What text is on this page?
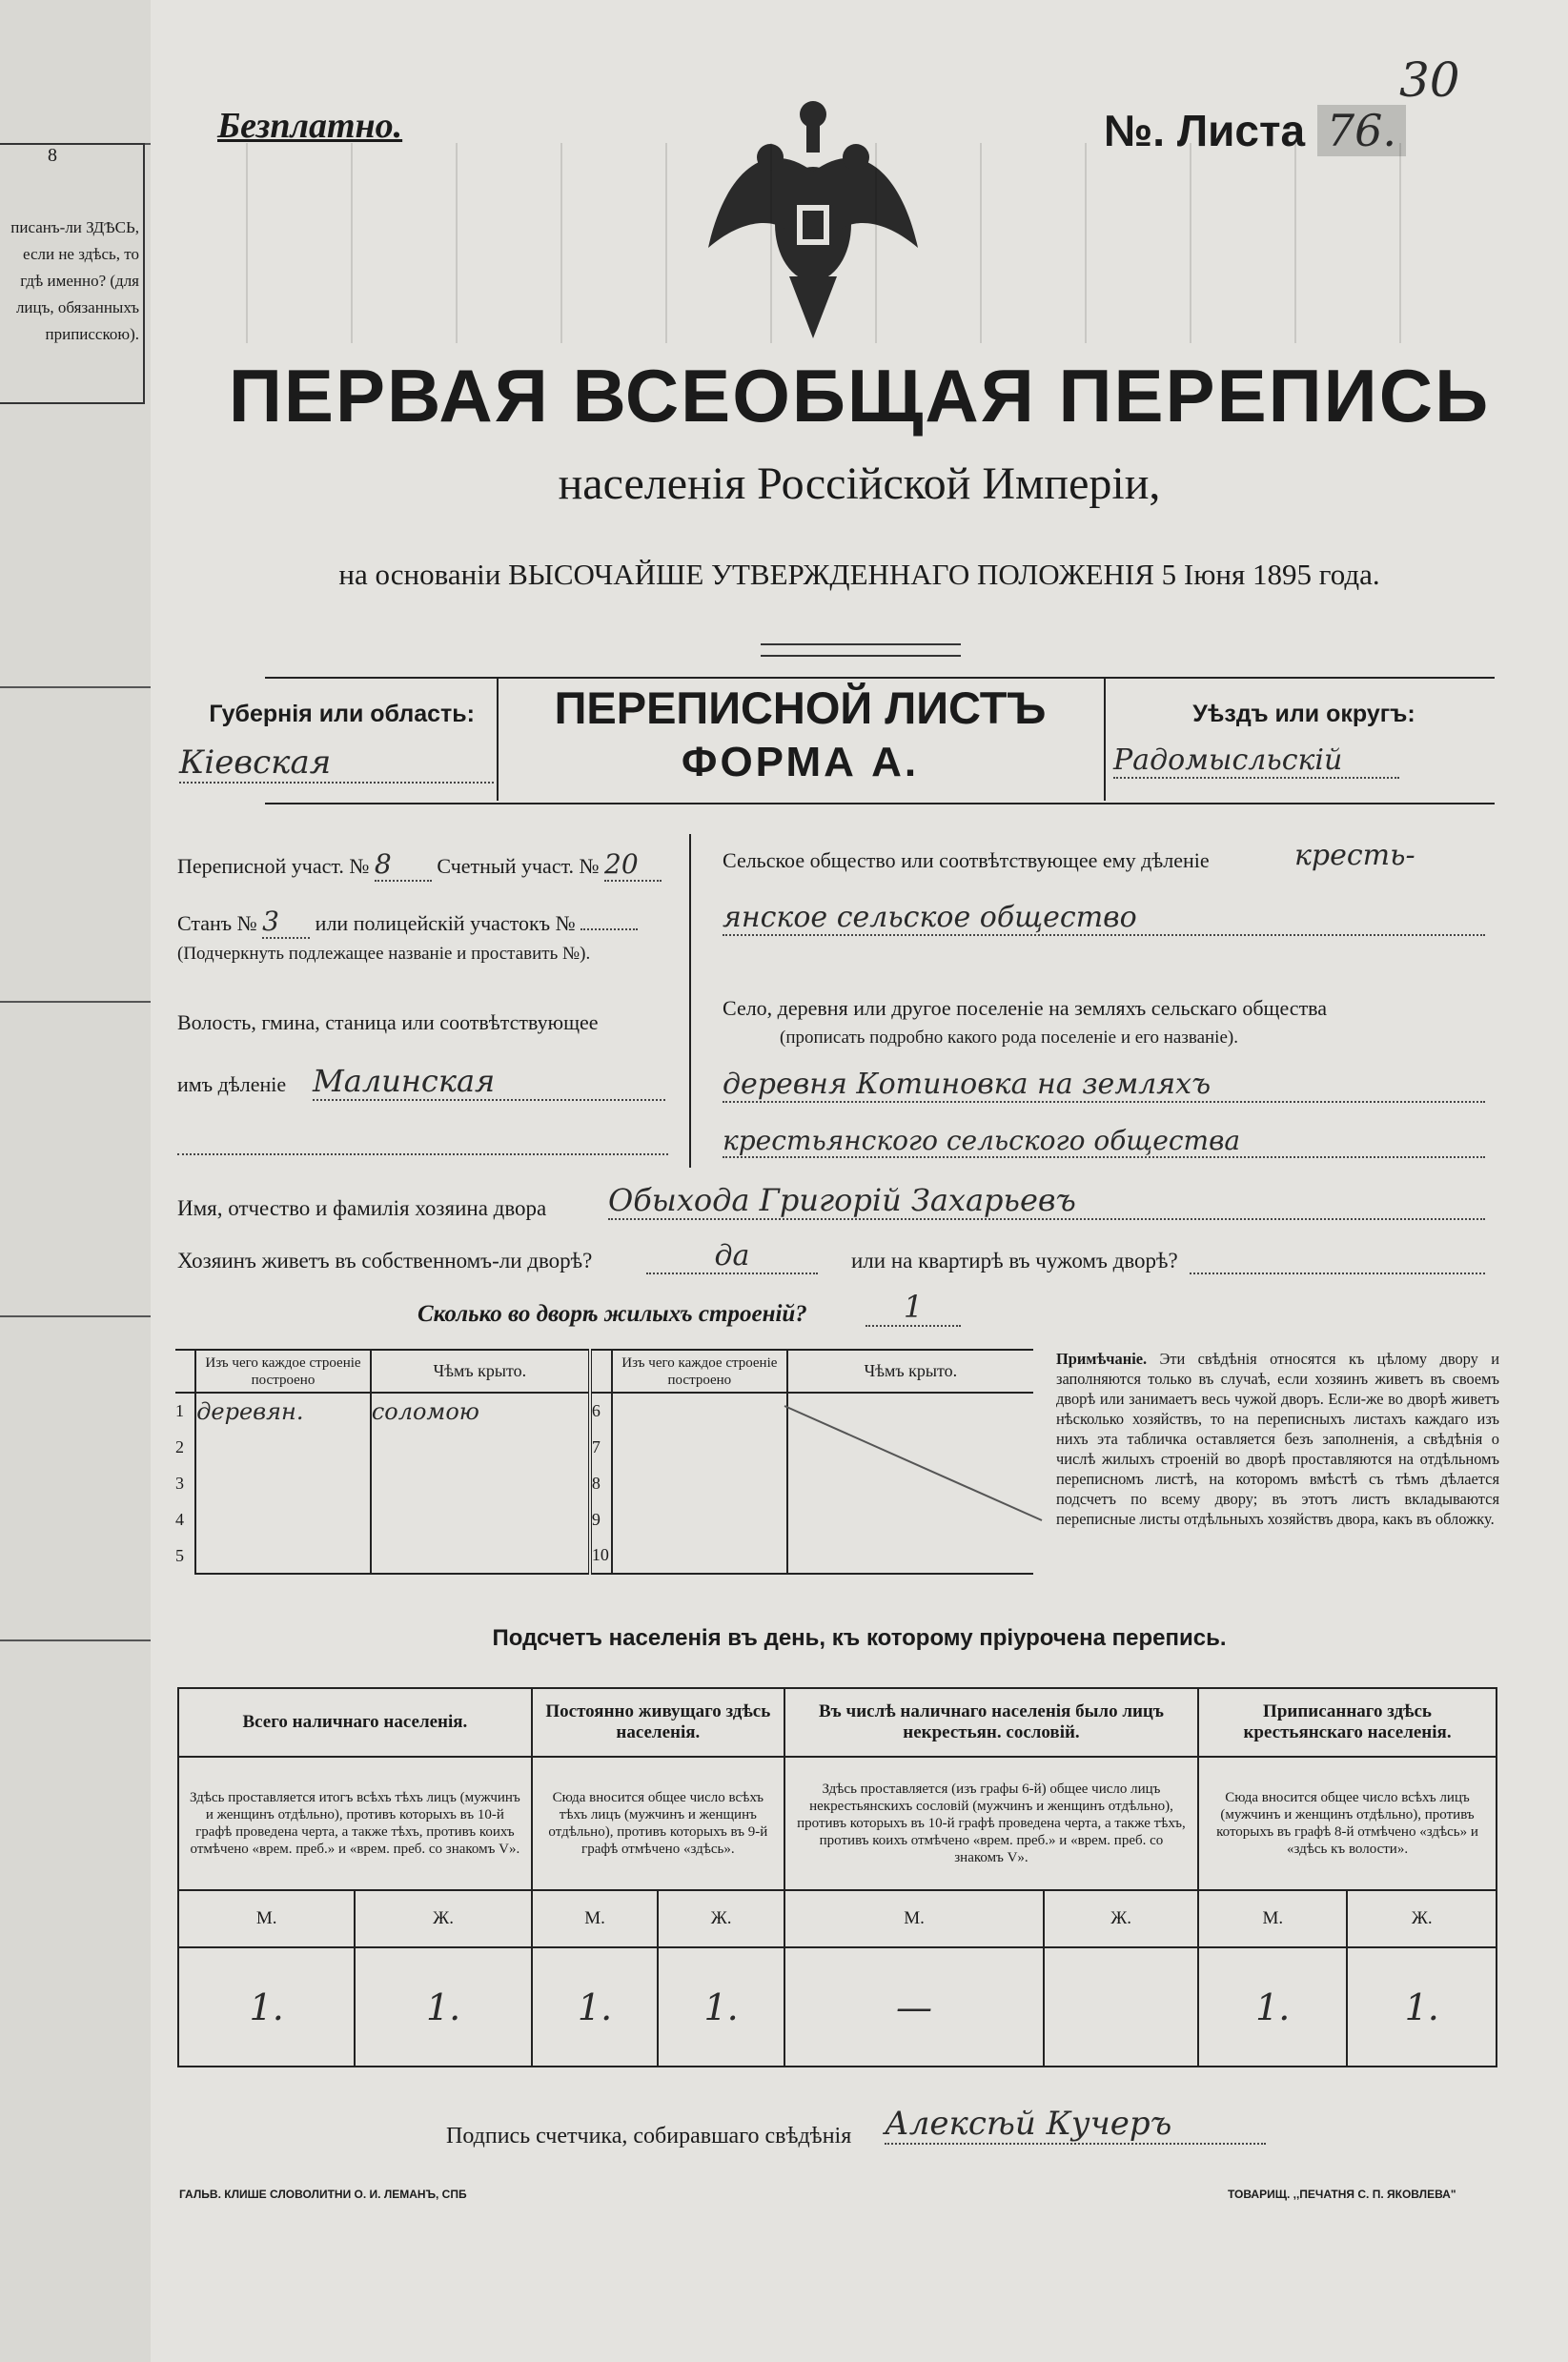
8
писанъ-ли ЗДѢСЬ, если не здѣсь, то гдѣ именно? (для лицъ, обязанныхъ приписскою).
Безплатно.	№. Листа 76.
30
ПЕРВАЯ ВСЕОБЩАЯ ПЕРЕПИСЬ
населенія Россійской Имперіи,
на основаніи ВЫСОЧАЙШЕ УТВЕРЖДЕННАГО ПОЛОЖЕНІЯ 5 Іюня 1895 года.
Губернія или область:
Кіевская
ПЕРЕПИСНОЙ ЛИСТЪ
ФОРМА А.
Уѣздъ или округъ:
Радомысльскій
Переписной участ. № 8 Счетный участ. № 20
Станъ № 3 или полицейскій участокъ №
(Подчеркнуть подлежащее названіе и проставить №).
Волость, гмина, станица или соотвѣтствующее
имъ дѣленіе Малинская
Сельское общество или соотвѣтствующее ему дѣленіе	кресть-
янское сельское общество
Село, деревня или другое поселеніе на земляхъ сельскаго общества
(прописать подробно какого рода поселеніе и его названіе).
деревня Котиновка на земляхъ
крестьянского сельского общества
Имя, отчество и фамилія хозяина двора Обыхода Григорій Захарьевъ
Хозяинъ живетъ въ собственномъ-ли дворѣ?	да	или на квартирѣ въ чужомъ дворѣ?
Сколько во дворѣ жилыхъ строеній?	1
	Изъ чего каждое строеніе построено	Чѣмъ крыто.		Изъ чего каждое строеніе построено	Чѣмъ крыто.
1	деревян.	соломою	6		
2			7		
3			8		
4			9		
5			10		
Примѣчаніе. Эти свѣдѣнія относятся къ цѣлому двору и заполняются только въ случаѣ, если хозяинъ живетъ въ своемъ дворѣ или занимаетъ весь чужой дворъ. Если-же во дворѣ живетъ нѣсколько хозяйствъ, то на переписныхъ листахъ каждаго изъ нихъ эта табличка оставляется безъ заполненія, а свѣдѣнія о числѣ жилыхъ строеній во дворѣ проставляются на отдѣльномъ переписномъ листѣ, на которомъ вмѣстѣ съ тѣмъ дѣлается подсчетъ по всему двору; въ этотъ листъ вкладываются переписные листы отдѣльныхъ хозяйствъ двора, какъ въ обложку.
Подсчетъ населенія въ день, къ которому пріурочена перепись.
Всего наличнаго населенія.		Постоянно живущаго здѣсь населенія.		Въ числѣ наличнаго населенія было лицъ некрестьян. сословій.		Приписаннаго здѣсь крестьянскаго населенія.	
Здѣсь проставляется итогъ всѣхъ тѣхъ лицъ (мужчинъ и женщинъ отдѣльно), противъ которыхъ въ 10-й графѣ проведена черта, а также тѣхъ, противъ коихъ отмѣчено «врем. преб.» и «врем. преб. со знакомъ V».		Сюда вносится общее число всѣхъ тѣхъ лицъ (мужчинъ и женщинъ отдѣльно), противъ которыхъ въ 9-й графѣ отмѣчено «здѣсь».		Здѣсь проставляется (изъ графы 6-й) общее число лицъ некрестьянскихъ сословій (мужчинъ и женщинъ отдѣльно), противъ которыхъ въ 10-й графѣ проведена черта, а также тѣхъ, противъ коихъ отмѣчено «врем. преб.» и «врем. преб. со знакомъ V».		Сюда вносится общее число всѣхъ лицъ (мужчинъ и женщинъ отдѣльно), противъ которыхъ въ графѣ 8-й отмѣчено «здѣсь» и «здѣсь къ волости».	
М.	Ж.	М.	Ж.	М.	Ж.	М.	Ж.
1.	1.	1.	1.	—		1.	1.
Подпись счетчика, собиравшаго свѣдѣнія Алексѣй Кучеръ
ГАЛЬВ. КЛИШЕ СЛОВОЛИТНИ О. И. ЛЕМАНЪ, СПБ	ТОВАРИЩ. ,,ПЕЧАТНЯ С. П. ЯКОВЛЕВА"
